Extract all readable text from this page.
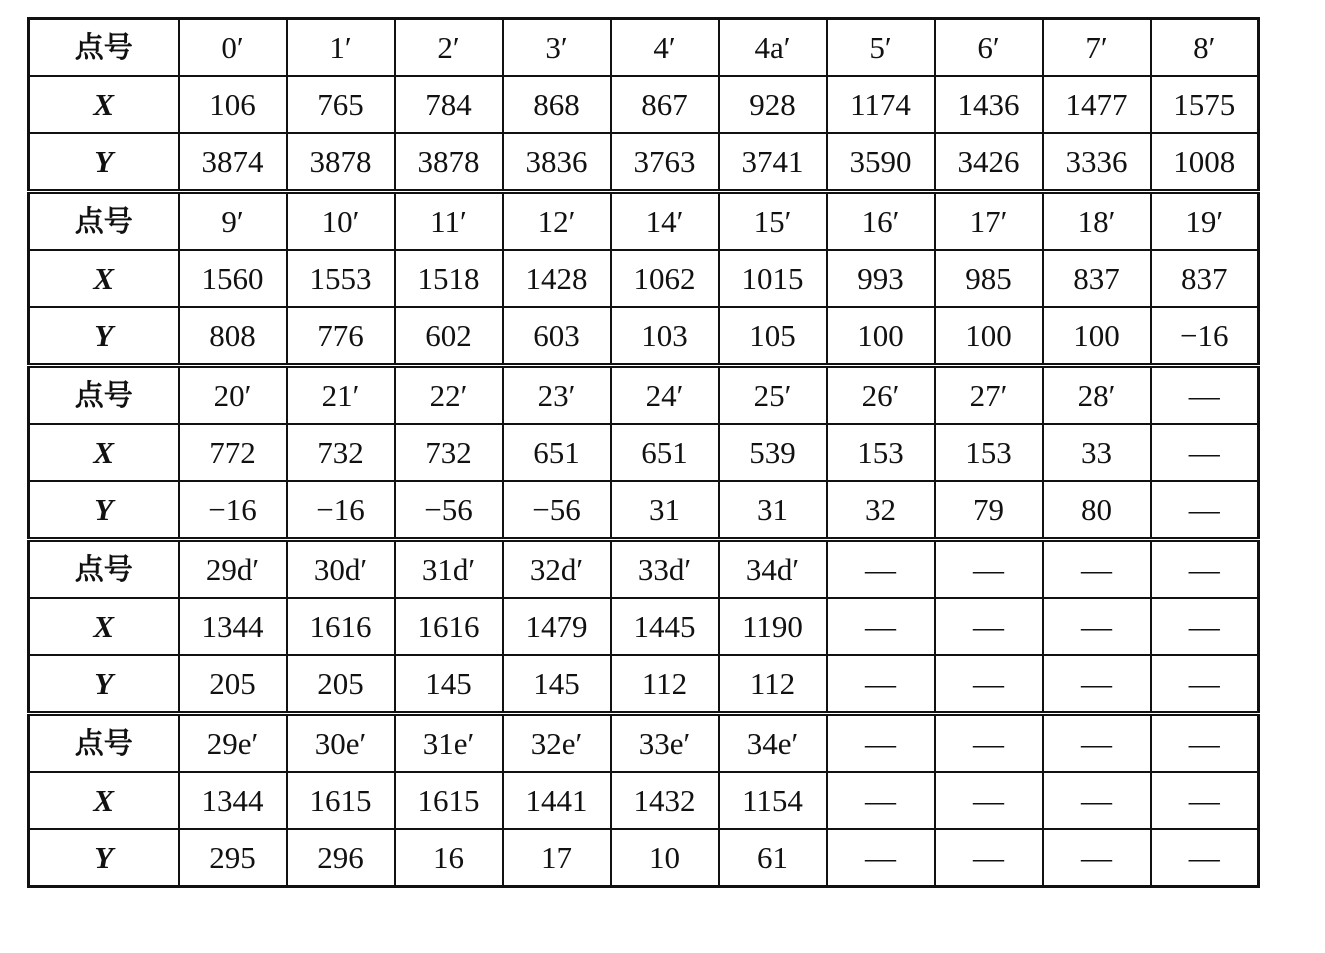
点号	0′	1′	2′	3′	4′	4a′	5′	6′	7′	8′
X	106	765	784	868	867	928	1174	1436	1477	1575
Y	3874	3878	3878	3836	3763	3741	3590	3426	3336	1008
点号	9′	10′	11′	12′	14′	15′	16′	17′	18′	19′
X	1560	1553	1518	1428	1062	1015	993	985	837	837
Y	808	776	602	603	103	105	100	100	100	−16
点号	20′	21′	22′	23′	24′	25′	26′	27′	28′	—
X	772	732	732	651	651	539	153	153	33	—
Y	−16	−16	−56	−56	31	31	32	79	80	—
点号	29d′	30d′	31d′	32d′	33d′	34d′	—	—	—	—
X	1344	1616	1616	1479	1445	1190	—	—	—	—
Y	205	205	145	145	112	112	—	—	—	—
点号	29e′	30e′	31e′	32e′	33e′	34e′	—	—	—	—
X	1344	1615	1615	1441	1432	1154	—	—	—	—
Y	295	296	16	17	10	61	—	—	—	—
